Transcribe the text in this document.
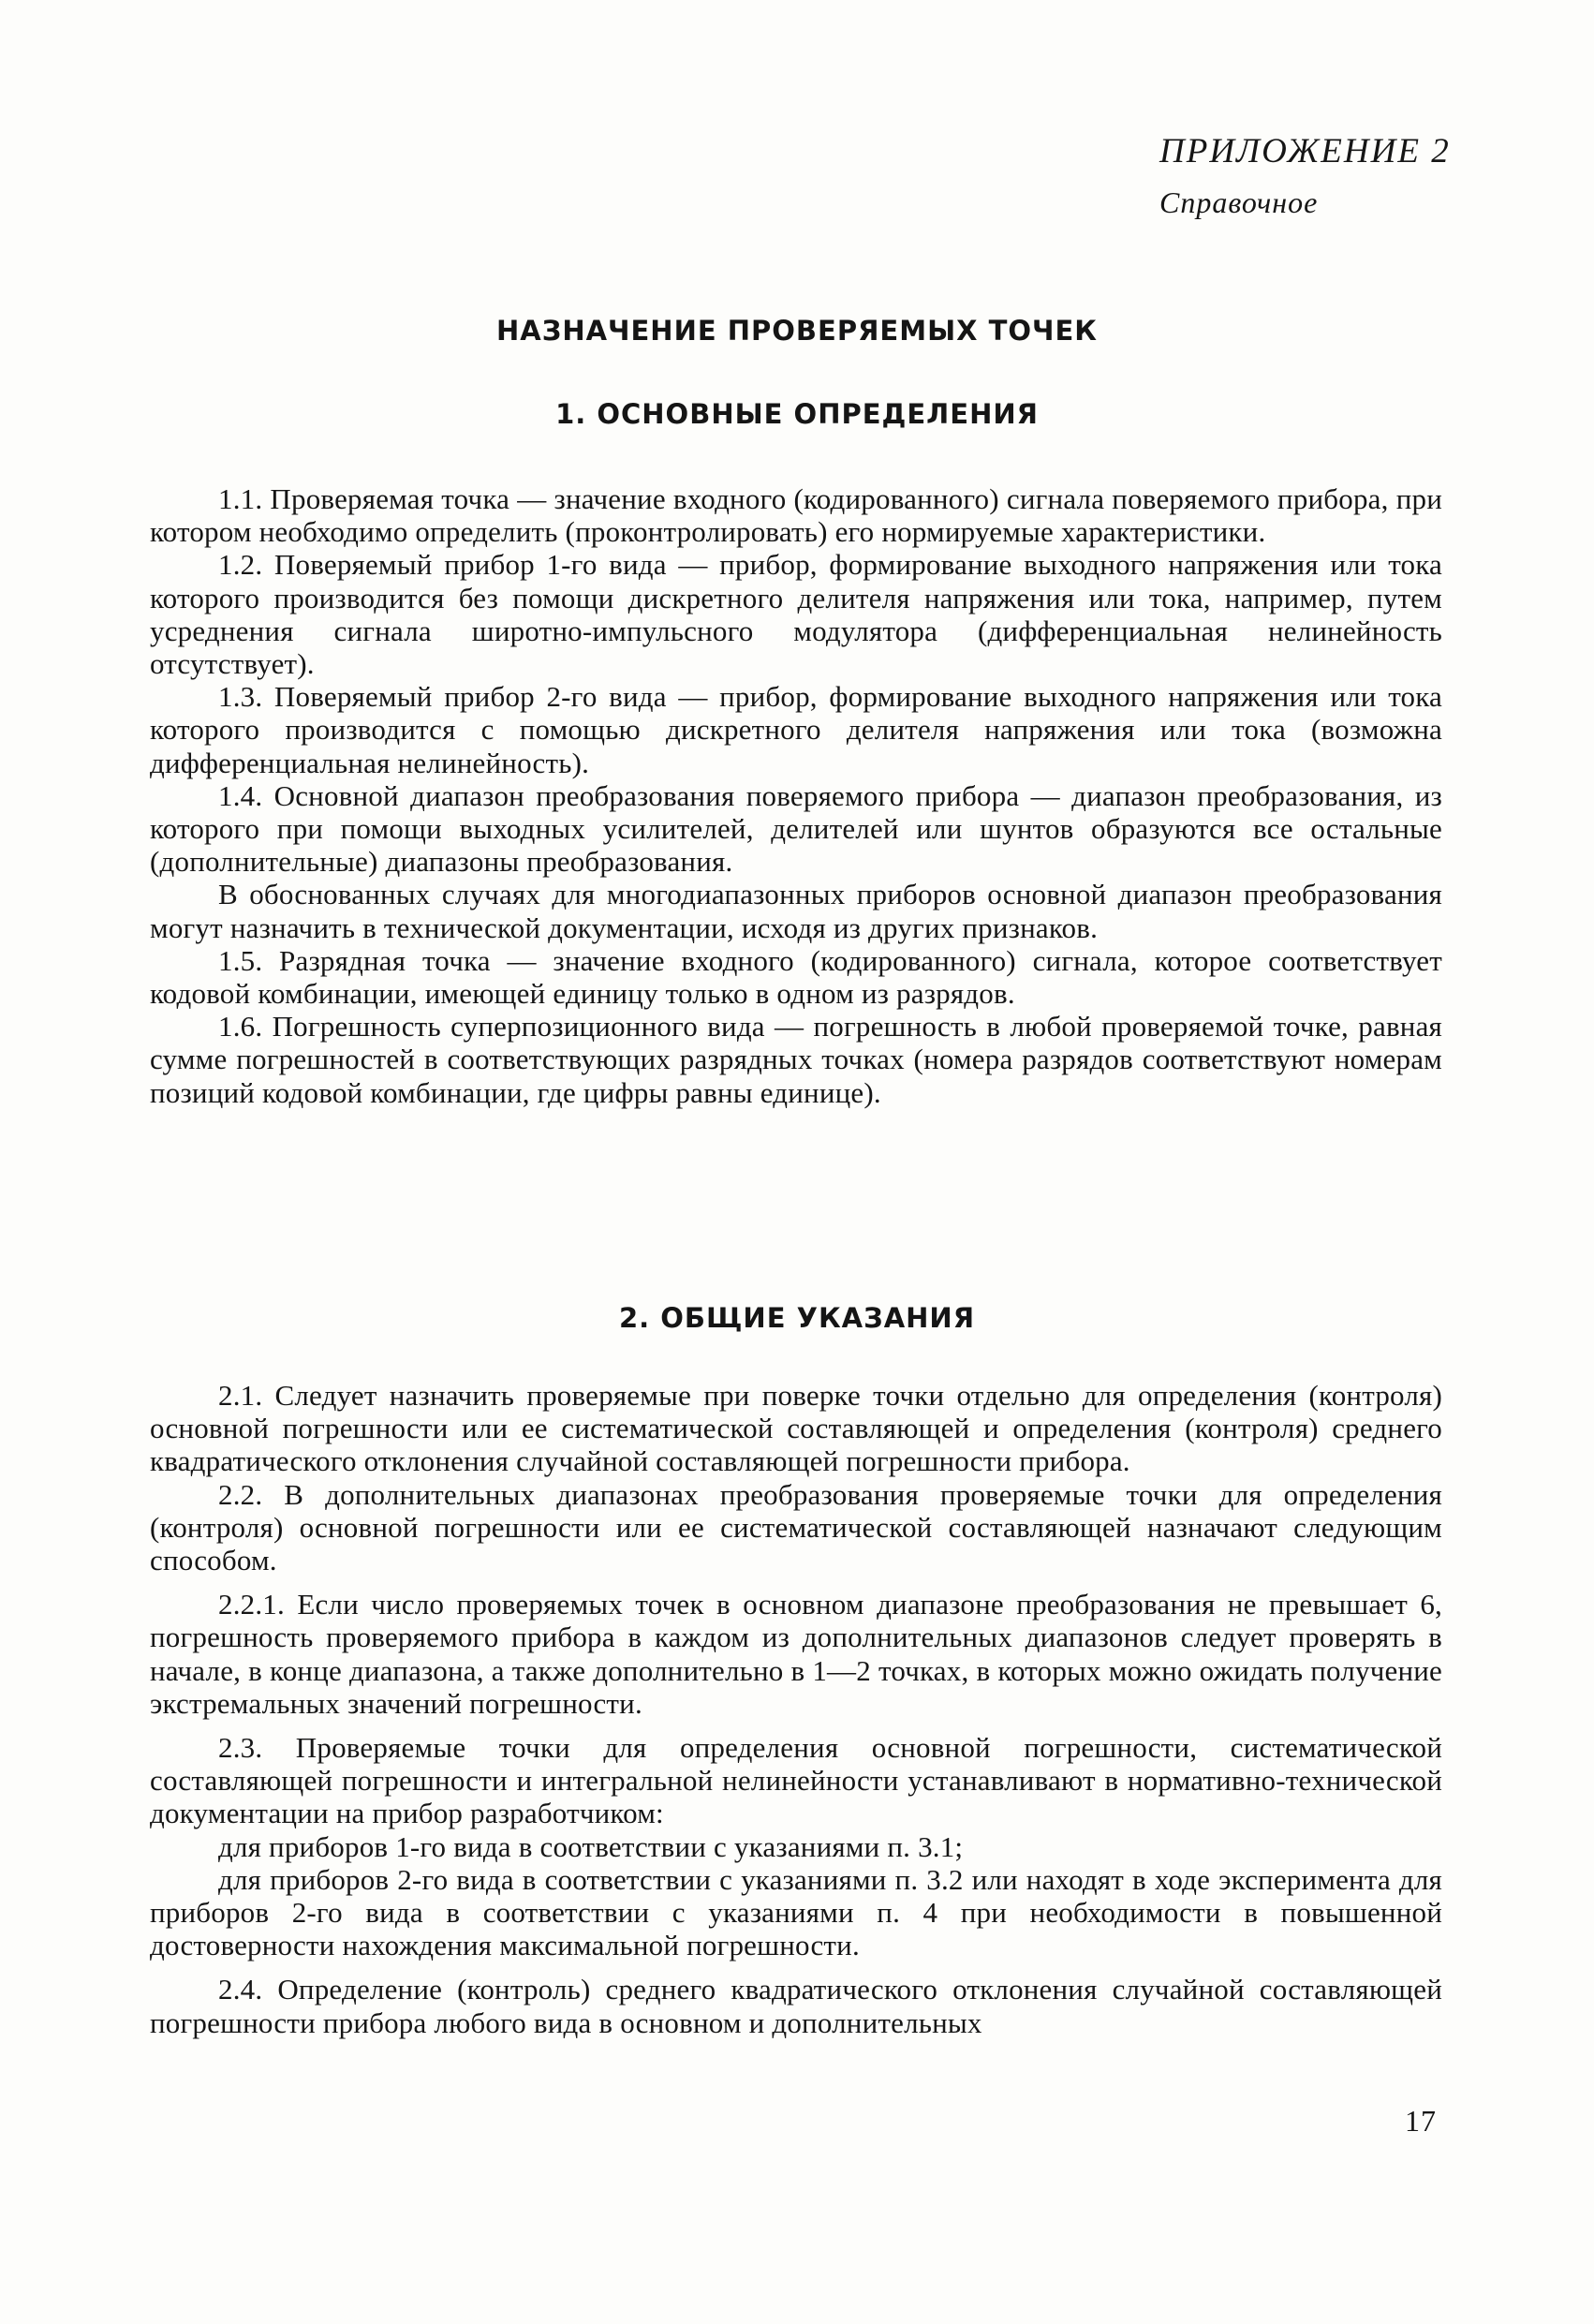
ПРИЛОЖЕНИЕ 2
Справочное
НАЗНАЧЕНИЕ ПРОВЕРЯЕМЫХ ТОЧЕК
1. ОСНОВНЫЕ ОПРЕДЕЛЕНИЯ

1.1. Проверяемая точка — значение входного (кодированного) сигнала поверяемого прибора, при котором необходимо определить (проконтролировать) его нормируемые характеристики.

1.2. Поверяемый прибор 1-го вида — прибор, формирование выходного напряжения или тока которого производится без помощи дискретного делителя напряжения или тока, например, путем усреднения сигнала широтно-импульсного модулятора (дифференциальная нелинейность отсутствует).

1.3. Поверяемый прибор 2-го вида — прибор, формирование выходного напряжения или тока которого производится с помощью дискретного делителя напряжения или тока (возможна дифференциальная нелинейность).

1.4. Основной диапазон преобразования поверяемого прибора — диапазон преобразования, из которого при помощи выходных усилителей, делителей или шунтов образуются все остальные (дополнительные) диапазоны преобразования.

В обоснованных случаях для многодиапазонных приборов основной диапазон преобразования могут назначить в технической документации, исходя из других признаков.

1.5. Разрядная точка — значение входного (кодированного) сигнала, которое соответствует кодовой комбинации, имеющей единицу только в одном из разрядов.

1.6. Погрешность суперпозиционного вида — погрешность в любой проверяемой точке, равная сумме погрешностей в соответствующих разрядных точках (номера разрядов соответствуют номерам позиций кодовой комбинации, где цифры равны единице).

2. ОБЩИЕ УКАЗАНИЯ

2.1. Следует назначить проверяемые при поверке точки отдельно для определения (контроля) основной погрешности или ее систематической составляющей и определения (контроля) среднего квадратического отклонения случайной составляющей погрешности прибора.

2.2. В дополнительных диапазонах преобразования проверяемые точки для определения (контроля) основной погрешности или ее систематической составляющей назначают следующим способом.

2.2.1. Если число проверяемых точек в основном диапазоне преобразования не превышает 6, погрешность проверяемого прибора в каждом из дополнительных диапазонов следует проверять в начале, в конце диапазона, а также дополнительно в 1—2 точках, в которых можно ожидать получение экстремальных значений погрешности.

2.3. Проверяемые точки для определения основной погрешности, систематической составляющей погрешности и интегральной нелинейности устанавливают в нормативно-технической документации на прибор разработчиком:

для приборов 1-го вида в соответствии с указаниями п. 3.1;

для приборов 2-го вида в соответствии с указаниями п. 3.2 или находят в ходе эксперимента для приборов 2-го вида в соответствии с указаниями п. 4 при необходимости в повышенной достоверности нахождения максимальной погрешности.

2.4. Определение (контроль) среднего квадратического отклонения случайной составляющей погрешности прибора любого вида в основном и дополнительных

17
